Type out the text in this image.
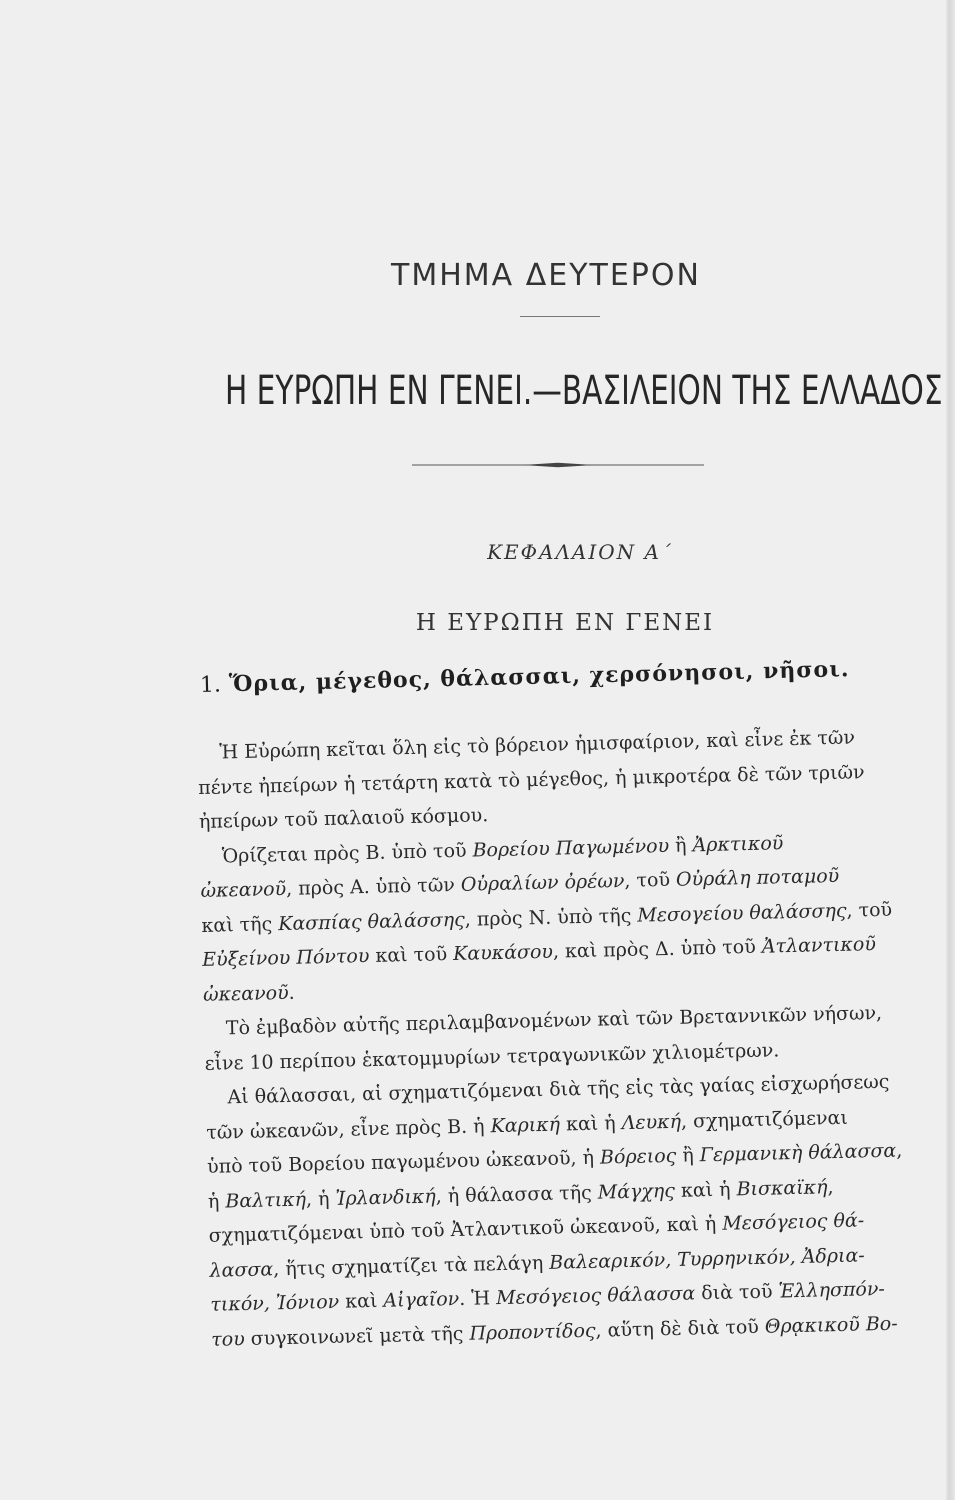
ΤΜΗΜΑ ΔΕΥΤΕΡΟΝ
Η ΕΥΡΩΠΗ ΕΝ ΓΕΝΕΙ.—ΒΑΣΙΛΕΙΟΝ ΤΗΣ ΕΛΛΑΔΟΣ
ΚΕΦΑΛΑΙΟΝ Α΄
Η ΕΥΡΩΠΗ ΕΝ ΓΕΝΕΙ
1. Ὅρια, μέγεθος, θάλασσαι, χερσόνησοι, νῆσοι.
Ἡ Εὐρώπη κεῖται ὅλη εἰς τὸ βόρειον ἡμισφαίριον, καὶ εἶνε ἐκ τῶν
πέντε ἠπείρων ἡ τετάρτη κατὰ τὸ μέγεθος, ἡ μικροτέρα δὲ τῶν τριῶν
ἠπείρων τοῦ παλαιοῦ κόσμου.
Ὁρίζεται πρὸς Β. ὑπὸ τοῦ Βορείου Παγωμένου ἢ Ἀρκτικοῦ
ὠκεανοῦ, πρὸς Α. ὑπὸ τῶν Οὐραλίων ὀρέων, τοῦ Οὐράλη ποταμοῦ
καὶ τῆς Κασπίας θαλάσσης, πρὸς Ν. ὑπὸ τῆς Μεσογείου θαλάσσης, τοῦ
Εὐξείνου Πόντου καὶ τοῦ Καυκάσου, καὶ πρὸς Δ. ὑπὸ τοῦ Ἀτλαντικοῦ
ὠκεανοῦ.
Τὸ ἐμβαδὸν αὐτῆς περιλαμβανομένων καὶ τῶν Βρεταννικῶν νήσων,
εἶνε 10 περίπου ἑκατομμυρίων τετραγωνικῶν χιλιομέτρων.
Αἱ θάλασσαι, αἱ σχηματιζόμεναι διὰ τῆς εἰς τὰς γαίας εἰσχωρήσεως
τῶν ὠκεανῶν, εἶνε πρὸς Β. ἡ Καρική καὶ ἡ Λευκή, σχηματιζόμεναι
ὑπὸ τοῦ Βορείου παγωμένου ὠκεανοῦ, ἡ Βόρειος ἢ Γερμανικὴ θάλασσα,
ἡ Βαλτική, ἡ Ἰρλανδική, ἡ θάλασσα τῆς Μάγχης καὶ ἡ Βισκαϊκή,
σχηματιζόμεναι ὑπὸ τοῦ Ἀτλαντικοῦ ὠκεανοῦ, καὶ ἡ Μεσόγειος θά-
λασσα, ἥτις σχηματίζει τὰ πελάγη Βαλεαρικόν, Τυρρηνικόν, Ἀδρια-
τικόν, Ἰόνιον καὶ Αἰγαῖον. Ἡ Μεσόγειος θάλασσα διὰ τοῦ Ἑλλησπόν-
του συγκοινωνεῖ μετὰ τῆς Προποντίδος, αὕτη δὲ διὰ τοῦ Θρᾳκικοῦ Βο-
